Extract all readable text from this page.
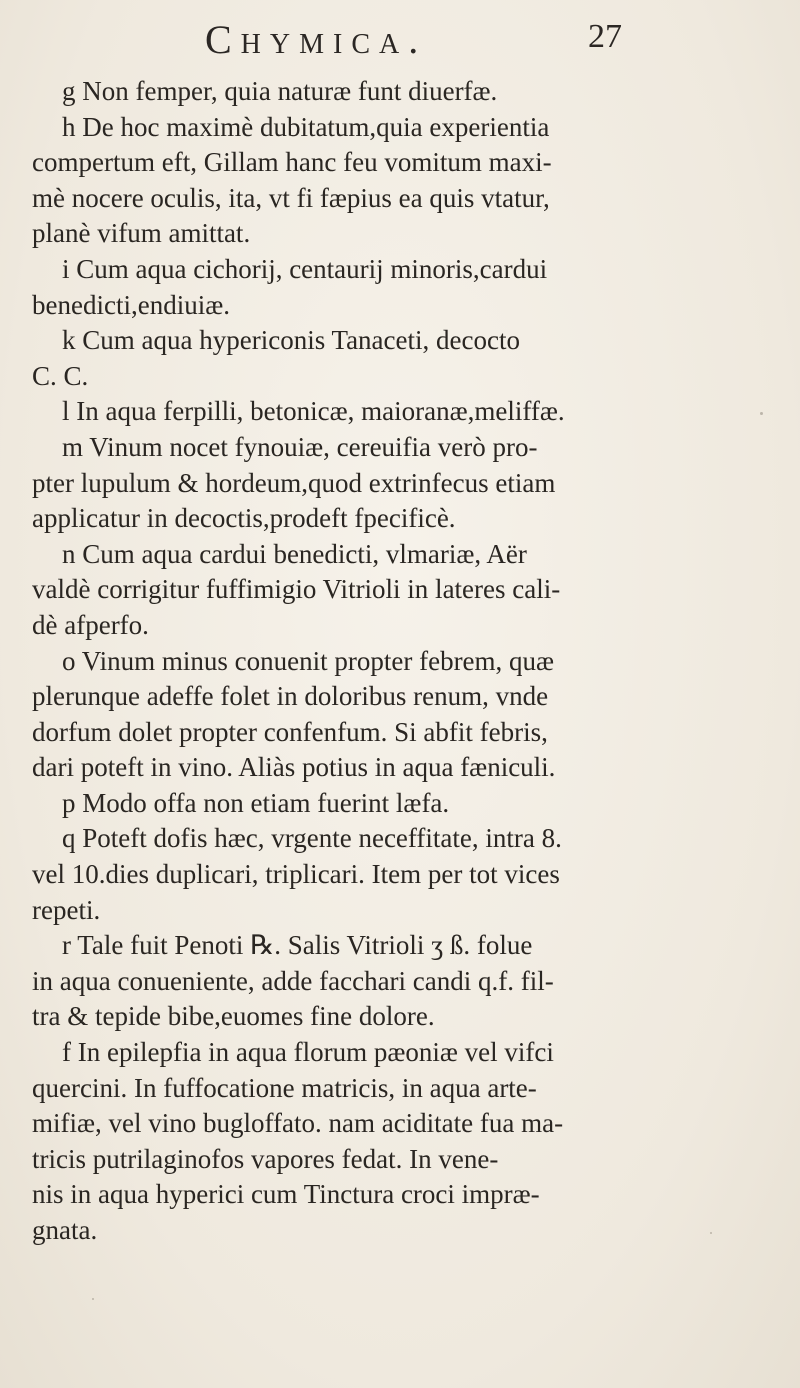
Chymica.	27
g Non femper, quia naturæ funt diuerfæ.
h De hoc maximè dubitatum,quia experientia
compertum eft, Gillam hanc feu vomitum maxi-
mè nocere oculis, ita, vt fi fæpius ea quis vtatur,
planè vifum amittat.
i Cum aqua cichorij, centaurij minoris,cardui
benedicti,endiuiæ.
k Cum aqua hypericonis Tanaceti, decocto
C. C.
l In aqua ferpilli, betonicæ, maioranæ,meliffæ.
m Vinum nocet fynouiæ, cereuifia verò pro-
pter lupulum & hordeum,quod extrinfecus etiam
applicatur in decoctis,prodeft fpecificè.
n Cum aqua cardui benedicti, vlmariæ, Aër
valdè corrigitur fuffimigio Vitrioli in lateres cali-
dè afperfo.
o Vinum minus conuenit propter febrem, quæ
plerunque adeffe folet in doloribus renum, vnde
dorfum dolet propter confenfum. Si abfit febris,
dari poteft in vino. Aliàs potius in aqua fæniculi.
p Modo offa non etiam fuerint læfa.
q Poteft dofis hæc, vrgente neceffitate, intra 8.
vel 10.dies duplicari, triplicari. Item per tot vices
repeti.
r Tale fuit Penoti ℞. Salis Vitrioli ʒ ß. folue
in aqua conueniente, adde facchari candi q.f. fil-
tra & tepide bibe,euomes fine dolore.
f In epilepfia in aqua florum pæoniæ vel vifci
quercini. In fuffocatione matricis, in aqua arte-
mifiæ, vel vino bugloffato. nam aciditate fua ma-
tricis putrilaginofos vapores fedat. In vene-
nis in aqua hyperici cum Tinctura croci impræ-
gnata.
